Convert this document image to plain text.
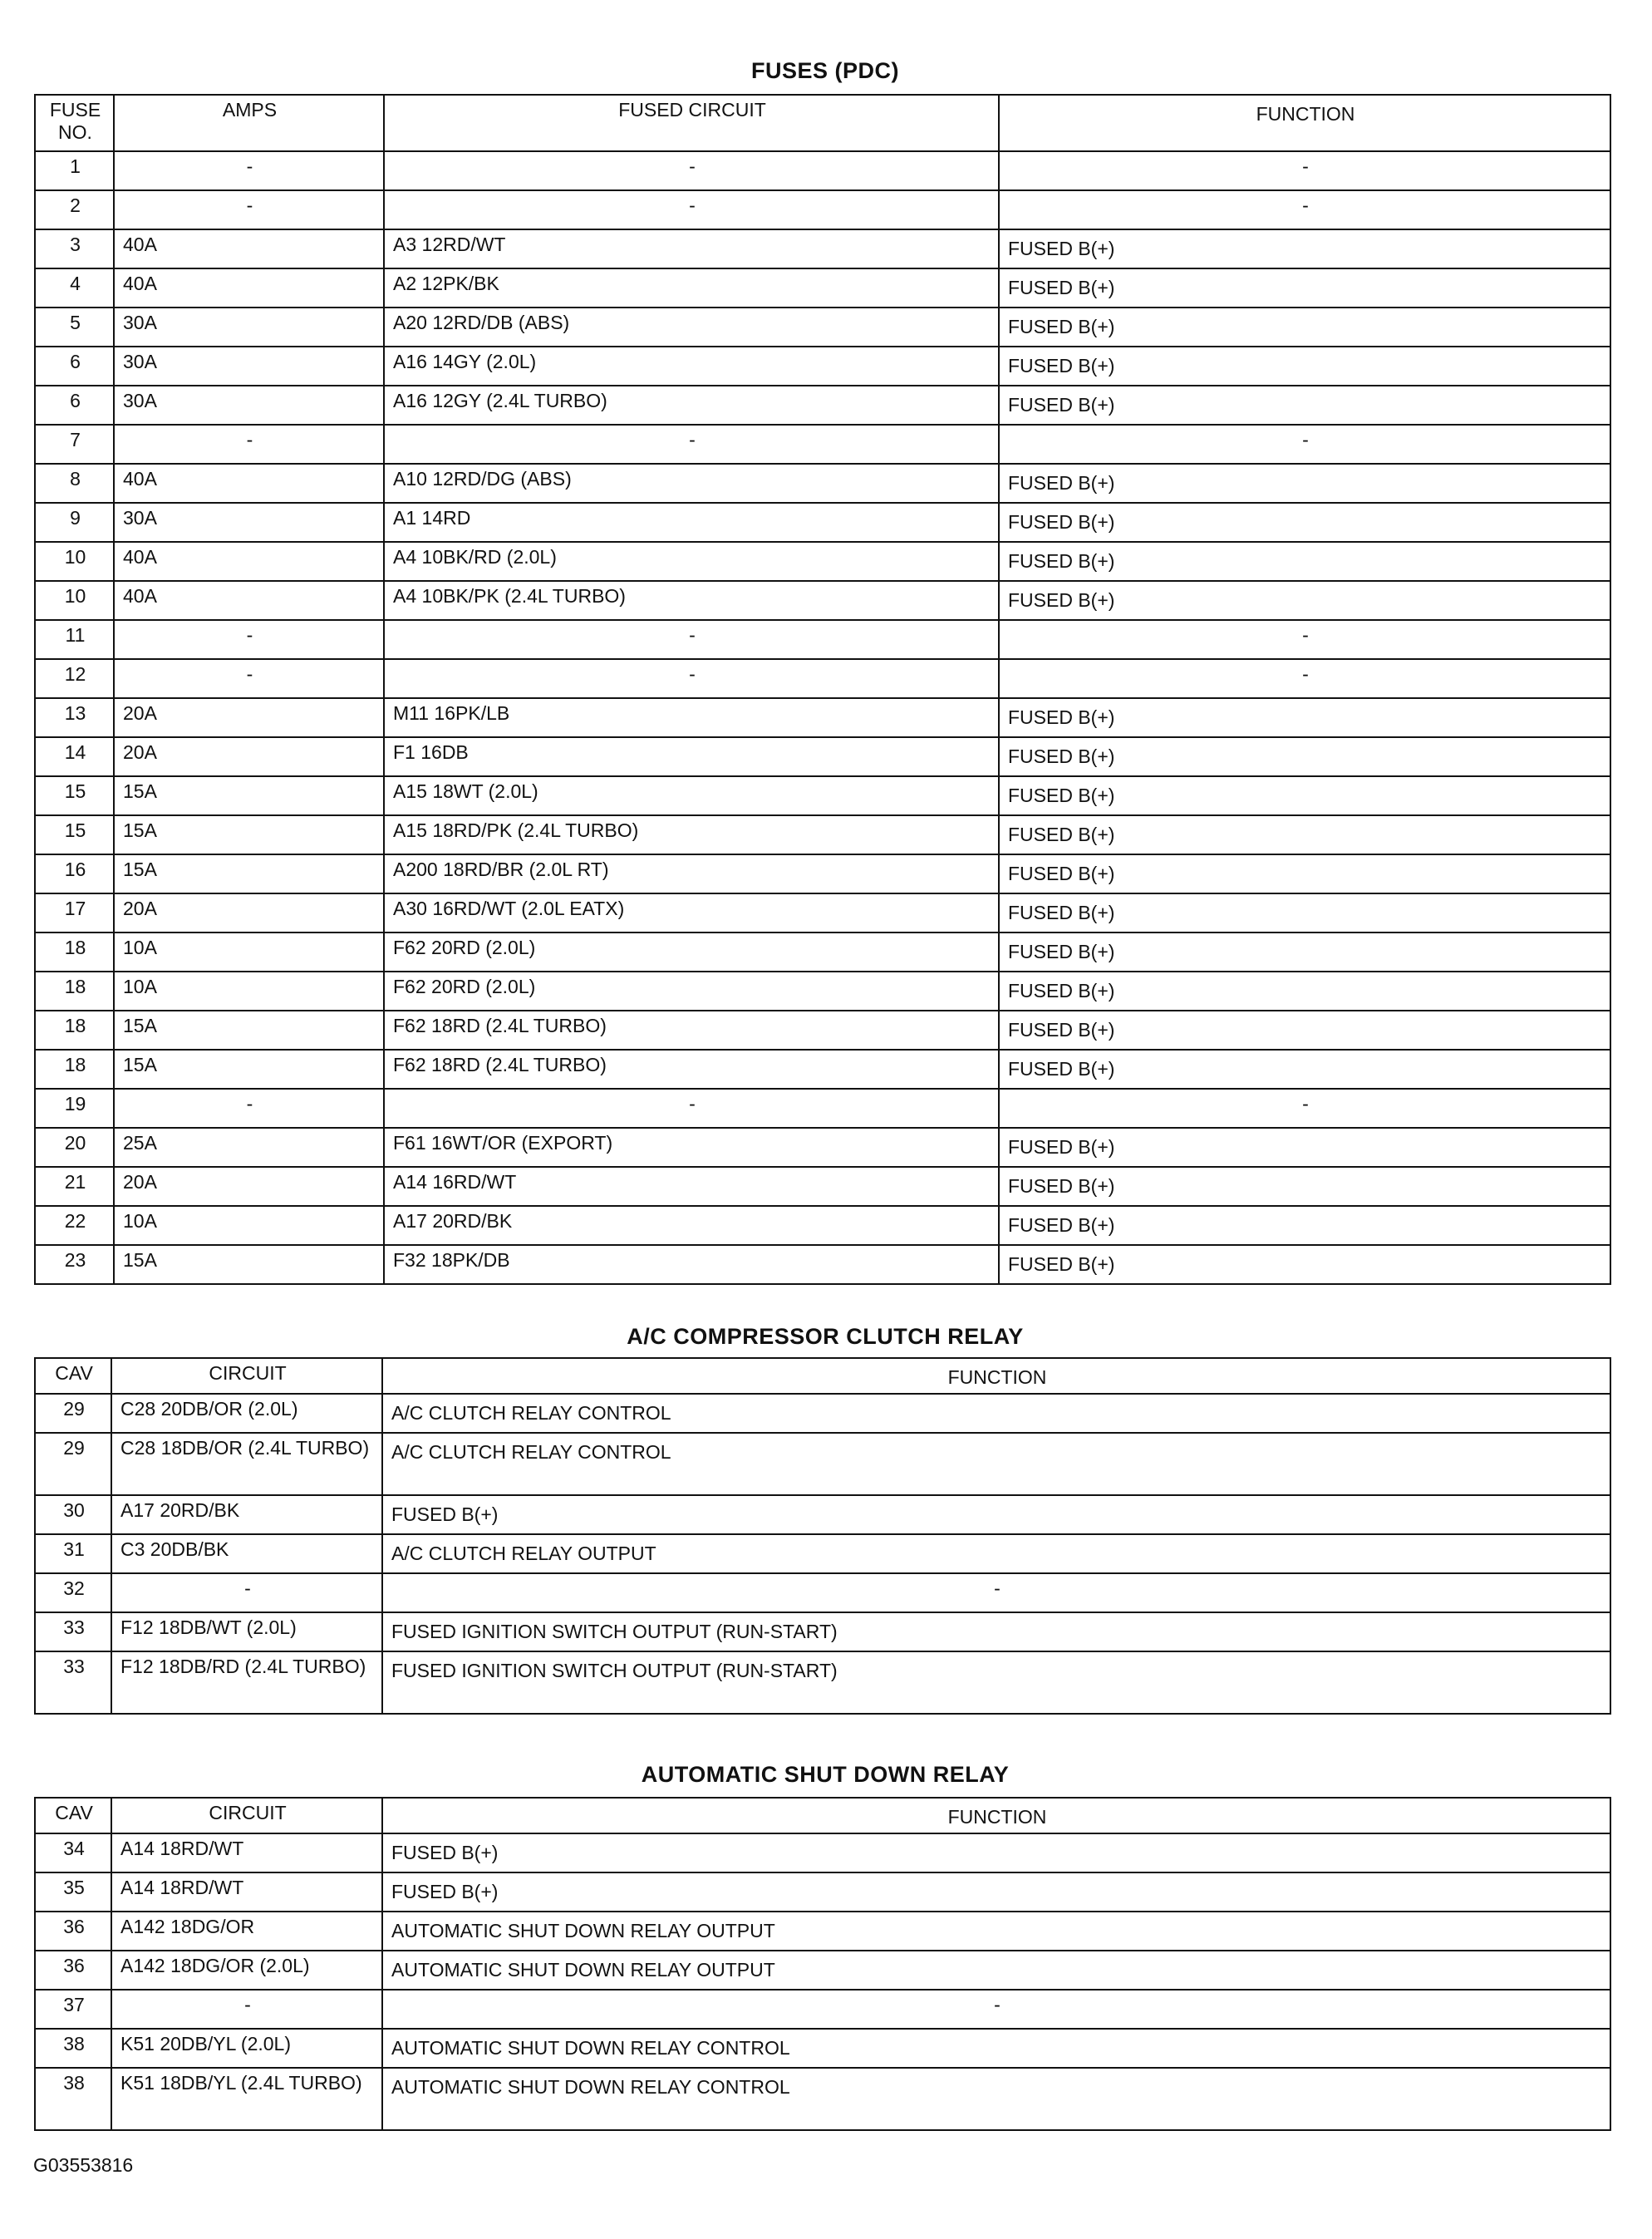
FUSES (PDC)
FUSE NO.	AMPS	FUSED CIRCUIT	FUNCTION
1	-	-	-
2	-	-	-
3	40A	A3 12RD/WT	FUSED B(+)
4	40A	A2 12PK/BK	FUSED B(+)
5	30A	A20 12RD/DB (ABS)	FUSED B(+)
6	30A	A16 14GY (2.0L)	FUSED B(+)
6	30A	A16 12GY (2.4L TURBO)	FUSED B(+)
7	-	-	-
8	40A	A10 12RD/DG (ABS)	FUSED B(+)
9	30A	A1 14RD	FUSED B(+)
10	40A	A4 10BK/RD (2.0L)	FUSED B(+)
10	40A	A4 10BK/PK (2.4L TURBO)	FUSED B(+)
11	-	-	-
12	-	-	-
13	20A	M11 16PK/LB	FUSED B(+)
14	20A	F1 16DB	FUSED B(+)
15	15A	A15 18WT (2.0L)	FUSED B(+)
15	15A	A15 18RD/PK (2.4L TURBO)	FUSED B(+)
16	15A	A200 18RD/BR (2.0L RT)	FUSED B(+)
17	20A	A30 16RD/WT (2.0L EATX)	FUSED B(+)
18	10A	F62 20RD (2.0L)	FUSED B(+)
18	10A	F62 20RD (2.0L)	FUSED B(+)
18	15A	F62 18RD (2.4L TURBO)	FUSED B(+)
18	15A	F62 18RD (2.4L TURBO)	FUSED B(+)
19	-	-	-
20	25A	F61 16WT/OR (EXPORT)	FUSED B(+)
21	20A	A14 16RD/WT	FUSED B(+)
22	10A	A17 20RD/BK	FUSED B(+)
23	15A	F32 18PK/DB	FUSED B(+)
A/C COMPRESSOR CLUTCH RELAY
CAV	CIRCUIT	FUNCTION
29	C28 20DB/OR (2.0L)	A/C CLUTCH RELAY CONTROL
29	C28 18DB/OR (2.4L TURBO)	A/C CLUTCH RELAY CONTROL
30	A17 20RD/BK	FUSED B(+)
31	C3 20DB/BK	A/C CLUTCH RELAY OUTPUT
32	-	-
33	F12 18DB/WT (2.0L)	FUSED IGNITION SWITCH OUTPUT (RUN-START)
33	F12 18DB/RD (2.4L TURBO)	FUSED IGNITION SWITCH OUTPUT (RUN-START)
AUTOMATIC SHUT DOWN RELAY
CAV	CIRCUIT	FUNCTION
34	A14 18RD/WT	FUSED B(+)
35	A14 18RD/WT	FUSED B(+)
36	A142 18DG/OR	AUTOMATIC SHUT DOWN RELAY OUTPUT
36	A142 18DG/OR (2.0L)	AUTOMATIC SHUT DOWN RELAY OUTPUT
37	-	-
38	K51 20DB/YL (2.0L)	AUTOMATIC SHUT DOWN RELAY CONTROL
38	K51 18DB/YL (2.4L TURBO)	AUTOMATIC SHUT DOWN RELAY CONTROL
G03553816
